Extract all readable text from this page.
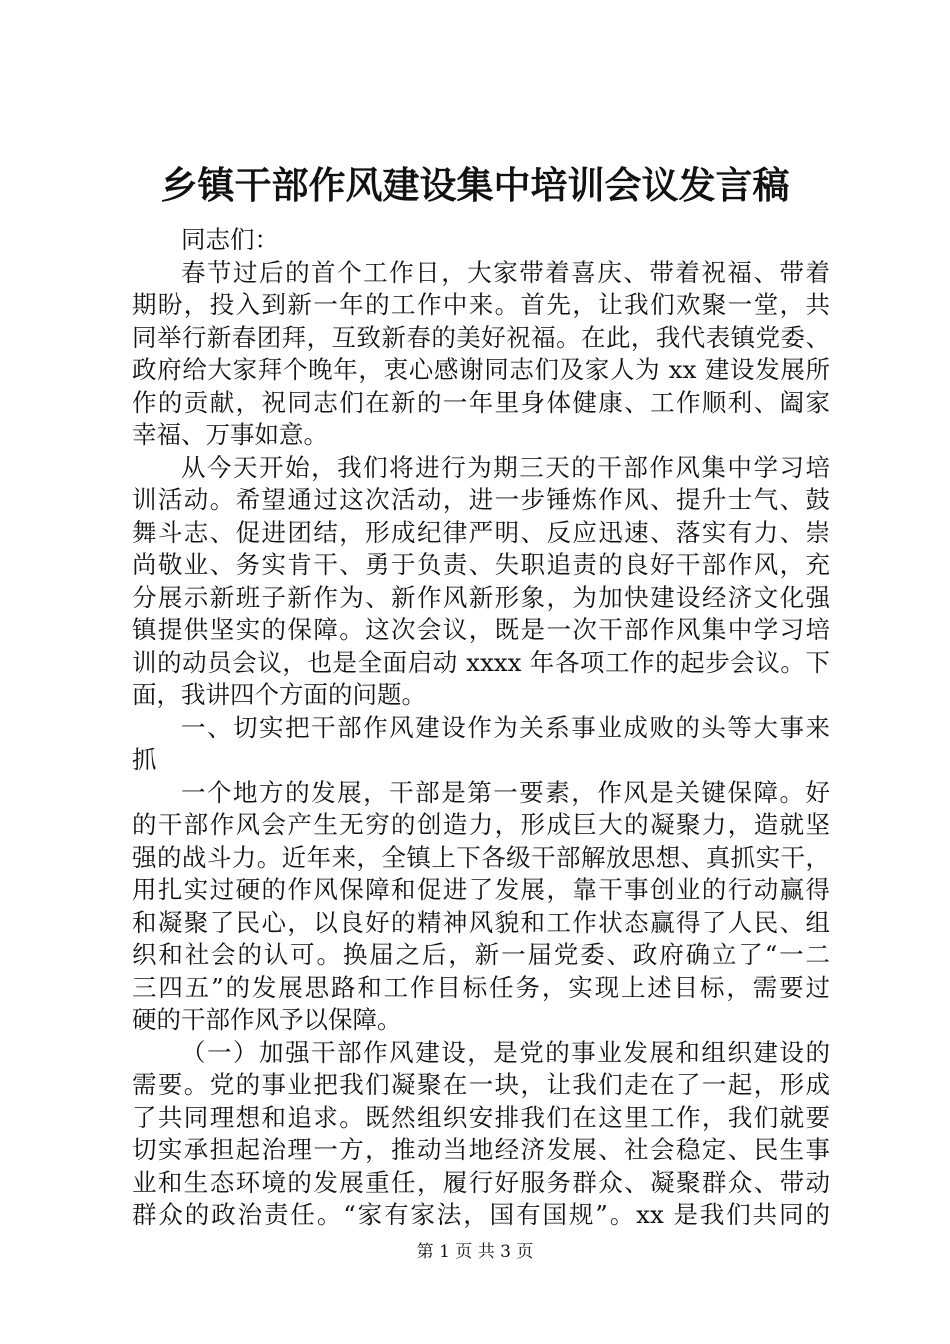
乡镇干部作风建设集中培训会议发言稿
同志们：
春节过后的首个工作日，大家带着喜庆、带着祝福、带着
期盼，投入到新一年的工作中来。首先，让我们欢聚一堂，共
同举行新春团拜，互致新春的美好祝福。在此，我代表镇党委、
政府给大家拜个晚年，衷心感谢同志们及家人为 xx 建设发展所
作的贡献，祝同志们在新的一年里身体健康、工作顺利、阖家
幸福、万事如意。
从今天开始，我们将进行为期三天的干部作风集中学习培
训活动。希望通过这次活动，进一步锤炼作风、提升士气、鼓
舞斗志、促进团结，形成纪律严明、反应迅速、落实有力、崇
尚敬业、务实肯干、勇于负责、失职追责的良好干部作风，充
分展示新班子新作为、新作风新形象，为加快建设经济文化强
镇提供坚实的保障。这次会议，既是一次干部作风集中学习培
训的动员会议，也是全面启动 xxxx 年各项工作的起步会议。下
面，我讲四个方面的问题。
一、切实把干部作风建设作为关系事业成败的头等大事来
抓
一个地方的发展，干部是第一要素，作风是关键保障。好
的干部作风会产生无穷的创造力，形成巨大的凝聚力，造就坚
强的战斗力。近年来，全镇上下各级干部解放思想、真抓实干，
用扎实过硬的作风保障和促进了发展，靠干事创业的行动赢得
和凝聚了民心，以良好的精神风貌和工作状态赢得了人民、组
织和社会的认可。换届之后，新一届党委、政府确立了“一二
三四五”的发展思路和工作目标任务，实现上述目标，需要过
硬的干部作风予以保障。
（一）加强干部作风建设，是党的事业发展和组织建设的
需要。党的事业把我们凝聚在一块，让我们走在了一起，形成
了共同理想和追求。既然组织安排我们在这里工作，我们就要
切实承担起治理一方，推动当地经济发展、社会稳定、民生事
业和生态环境的发展重任，履行好服务群众、凝聚群众、带动
群众的政治责任。“家有家法，国有国规”。xx 是我们共同的
第 1 页 共 3 页
